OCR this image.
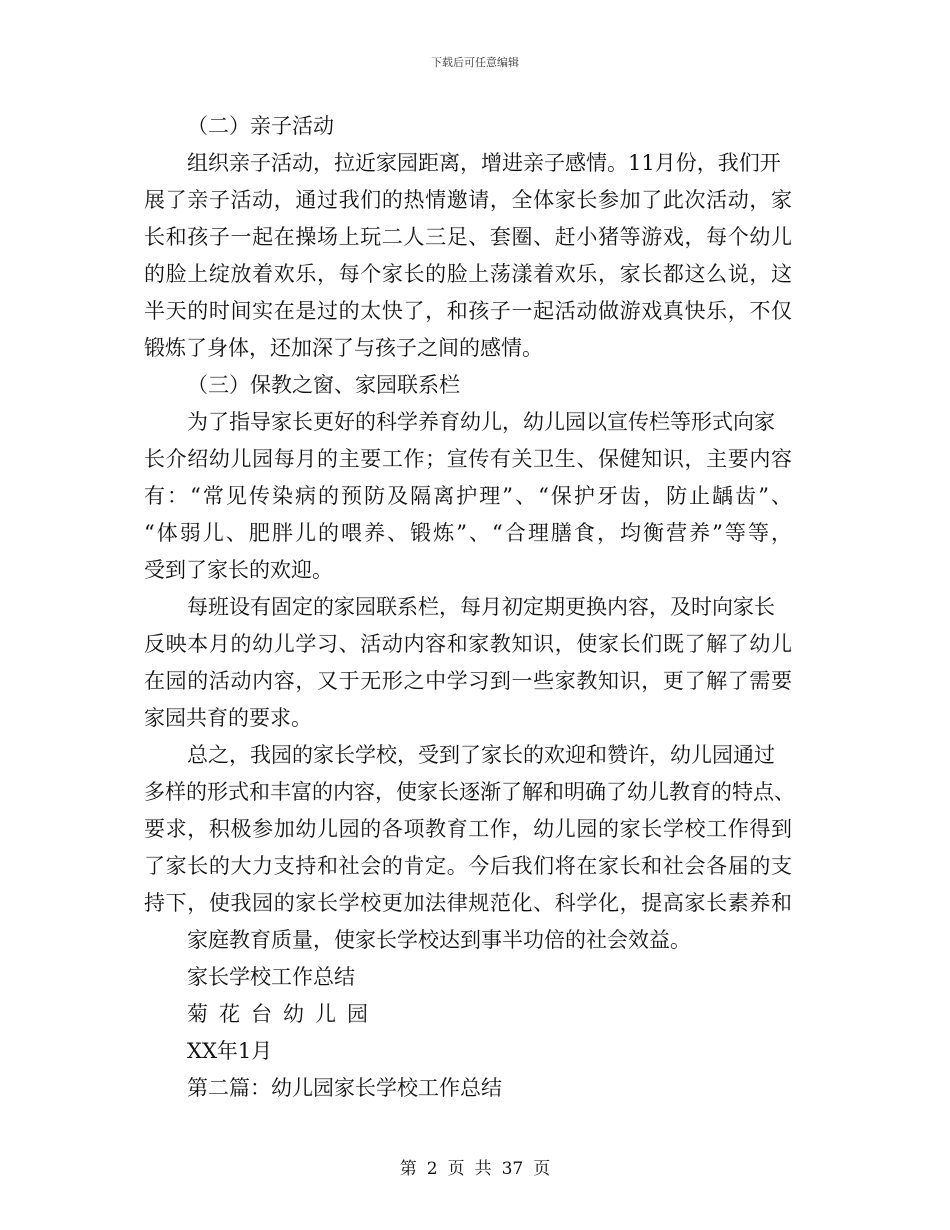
下载后可任意编辑
（二）亲子活动
组织亲子活动，拉近家园距离，增进亲子感情。11月份，我们开
展了亲子活动，通过我们的热情邀请，全体家长参加了此次活动，家
长和孩子一起在操场上玩二人三足、套圈、赶小猪等游戏，每个幼儿
的脸上绽放着欢乐，每个家长的脸上荡漾着欢乐，家长都这么说，这
半天的时间实在是过的太快了，和孩子一起活动做游戏真快乐，不仅
锻炼了身体，还加深了与孩子之间的感情。
（三）保教之窗、家园联系栏
为了指导家长更好的科学养育幼儿，幼儿园以宣传栏等形式向家
长介绍幼儿园每月的主要工作；宣传有关卫生、保健知识，主要内容
有：“常见传染病的预防及隔离护理”、“保护牙齿，防止龋齿”、
“体弱儿、肥胖儿的喂养、锻炼”、“合理膳食，均衡营养”等等，
受到了家长的欢迎。
每班设有固定的家园联系栏，每月初定期更换内容，及时向家长
反映本月的幼儿学习、活动内容和家教知识，使家长们既了解了幼儿
在园的活动内容，又于无形之中学习到一些家教知识，更了解了需要
家园共育的要求。
总之，我园的家长学校，受到了家长的欢迎和赞许，幼儿园通过
多样的形式和丰富的内容，使家长逐渐了解和明确了幼儿教育的特点、
要求，积极参加幼儿园的各项教育工作，幼儿园的家长学校工作得到
了家长的大力支持和社会的肯定。今后我们将在家长和社会各届的支
持下，使我园的家长学校更加法律规范化、科学化，提高家长素养和
家庭教育质量，使家长学校达到事半功倍的社会效益。
家长学校工作总结
菊花台幼儿园
XX年1月
第二篇：幼儿园家长学校工作总结
第 2 页 共 37 页
